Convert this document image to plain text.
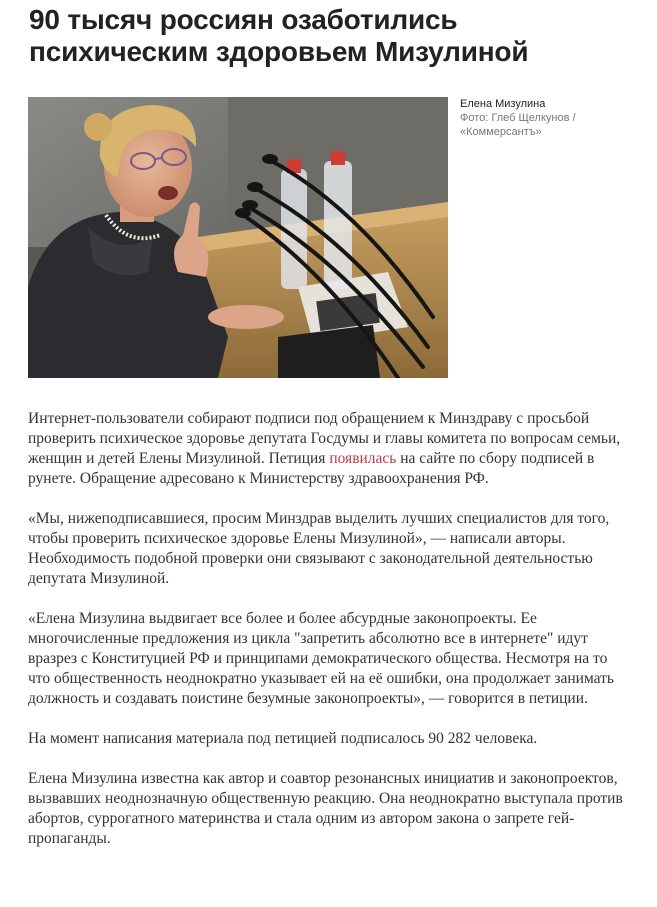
90 тысяч россиян озаботились психическим здоровьем Мизулиной
Елена Мизулина
Фото: Глеб Щелкунов / «Коммерсантъ»

Интернет-пользователи собирают подписи под обращением к Минздраву с просьбой проверить психическое здоровье депутата Госдумы и главы комитета по вопросам семьи, женщин и детей Елены Мизулиной. Петиция появилась на сайте по сбору подписей в рунете. Обращение адресовано к Министерству здравоохранения РФ.

«Мы, нижеподписавшиеся, просим Минздрав выделить лучших специалистов для того, чтобы проверить психическое здоровье Елены Мизулиной», — написали авторы. Необходимость подобной проверки они связывают с законодательной деятельностью депутата Мизулиной.

«Елена Мизулина выдвигает все более и более абсурдные законопроекты. Ее многочисленные предложения из цикла "запретить абсолютно все в интернете" идут вразрез с Конституцией РФ и принципами демократического общества. Несмотря на то что общественность неоднократно указывает ей на её ошибки, она продолжает занимать должность и создавать поистине безумные законопроекты», — говорится в петиции.

На момент написания материала под петицией подписалось 90 282 человека.

Елена Мизулина известна как автор и соавтор резонансных инициатив и законопроектов, вызвавших неоднозначную общественную реакцию. Она неоднократно выступала против абортов, суррогатного материнства и стала одним из автором закона о запрете гей-пропаганды.
